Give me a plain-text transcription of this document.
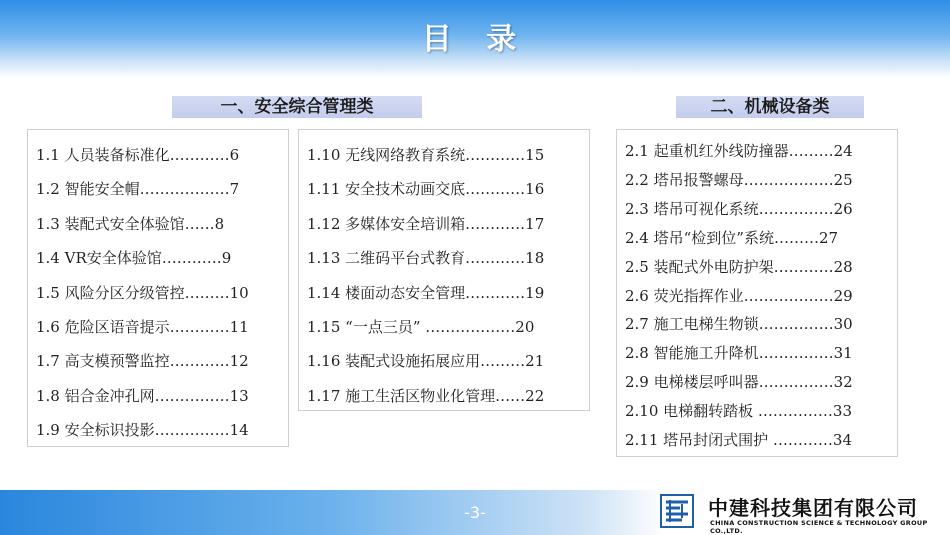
目 录
一、安全综合管理类	二、机械设备类
1.1 人员装备标准化…………6
1.2 智能安全帽………………7
1.3 装配式安全体验馆……8
1.4 VR安全体验馆…………9
1.5 风险分区分级管控………10
1.6 危险区语音提示…………11
1.7 高支模预警监控…………12
1.8 铝合金冲孔网……………13
1.9 安全标识投影……………14
1.10 无线网络教育系统…………15
1.11 安全技术动画交底…………16
1.12 多媒体安全培训箱…………17
1.13 二维码平台式教育…………18
1.14 楼面动态安全管理…………19
1.15 “一点三员” ………………20
1.16 装配式设施拓展应用………21
1.17 施工生活区物业化管理……22
2.1 起重机红外线防撞器………24
2.2 塔吊报警螺母………………25
2.3 塔吊可视化系统……………26
2.4 塔吊“检到位”系统………27
2.5 装配式外电防护架…………28
2.6 荧光指挥作业………………29
2.7 施工电梯生物锁……………30
2.8 智能施工升降机……………31
2.9 电梯楼层呼叫器……………32
2.10 电梯翻转踏板 ……………33
2.11 塔吊封闭式围护 …………34
-3-	中建科技集团有限公司
CHINA CONSTRUCTION SCIENCE & TECHNOLOGY GROUP CO.,LTD.
